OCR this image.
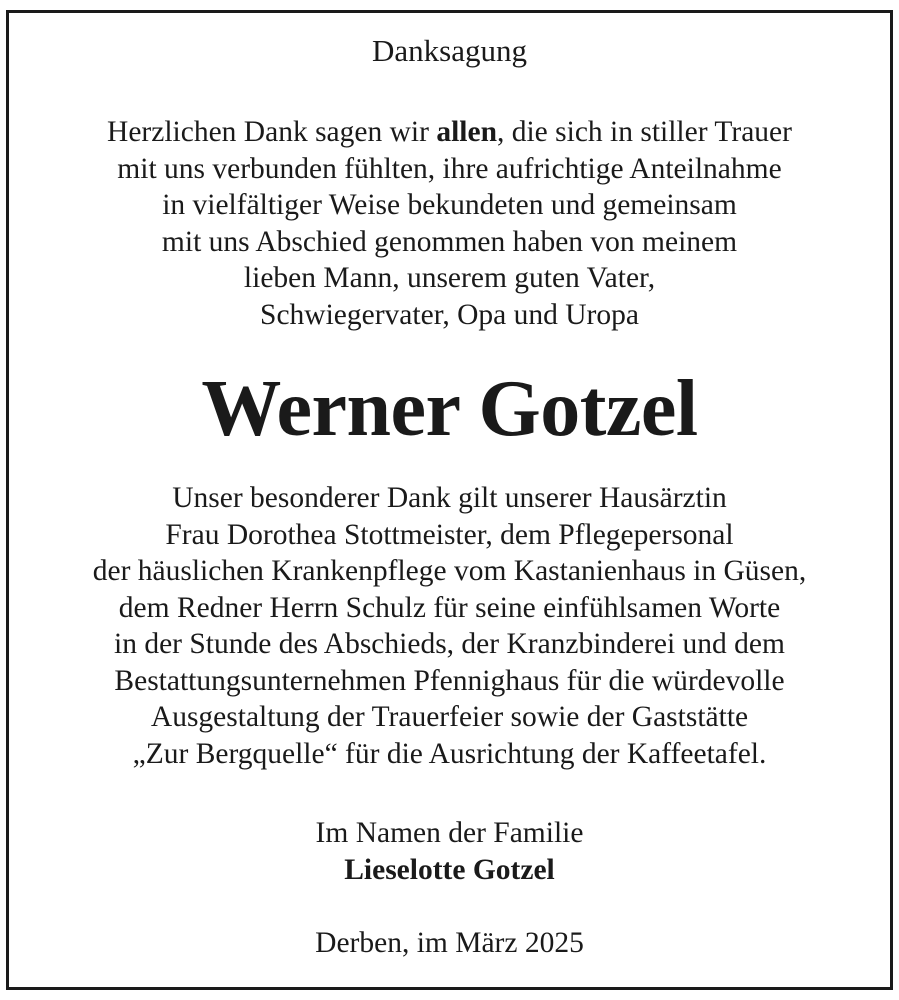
Danksagung

Herzlichen Dank sagen wir allen, die sich in stiller Trauer
mit uns verbunden fühlten, ihre aufrichtige Anteilnahme
in vielfältiger Weise bekundeten und gemeinsam
mit uns Abschied genommen haben von meinem
lieben Mann, unserem guten Vater,
Schwiegervater, Opa und Uropa

Werner Gotzel

Unser besonderer Dank gilt unserer Hausärztin
Frau Dorothea Stottmeister, dem Pflegepersonal
der häuslichen Krankenpflege vom Kastanienhaus in Güsen,
dem Redner Herrn Schulz für seine einfühlsamen Worte
in der Stunde des Abschieds, der Kranzbinderei und dem
Bestattungsunternehmen Pfennighaus für die würdevolle
Ausgestaltung der Trauerfeier sowie der Gaststätte
„Zur Bergquelle“ für die Ausrichtung der Kaffeetafel.

Im Namen der Familie
Lieselotte Gotzel

Derben, im März 2025
